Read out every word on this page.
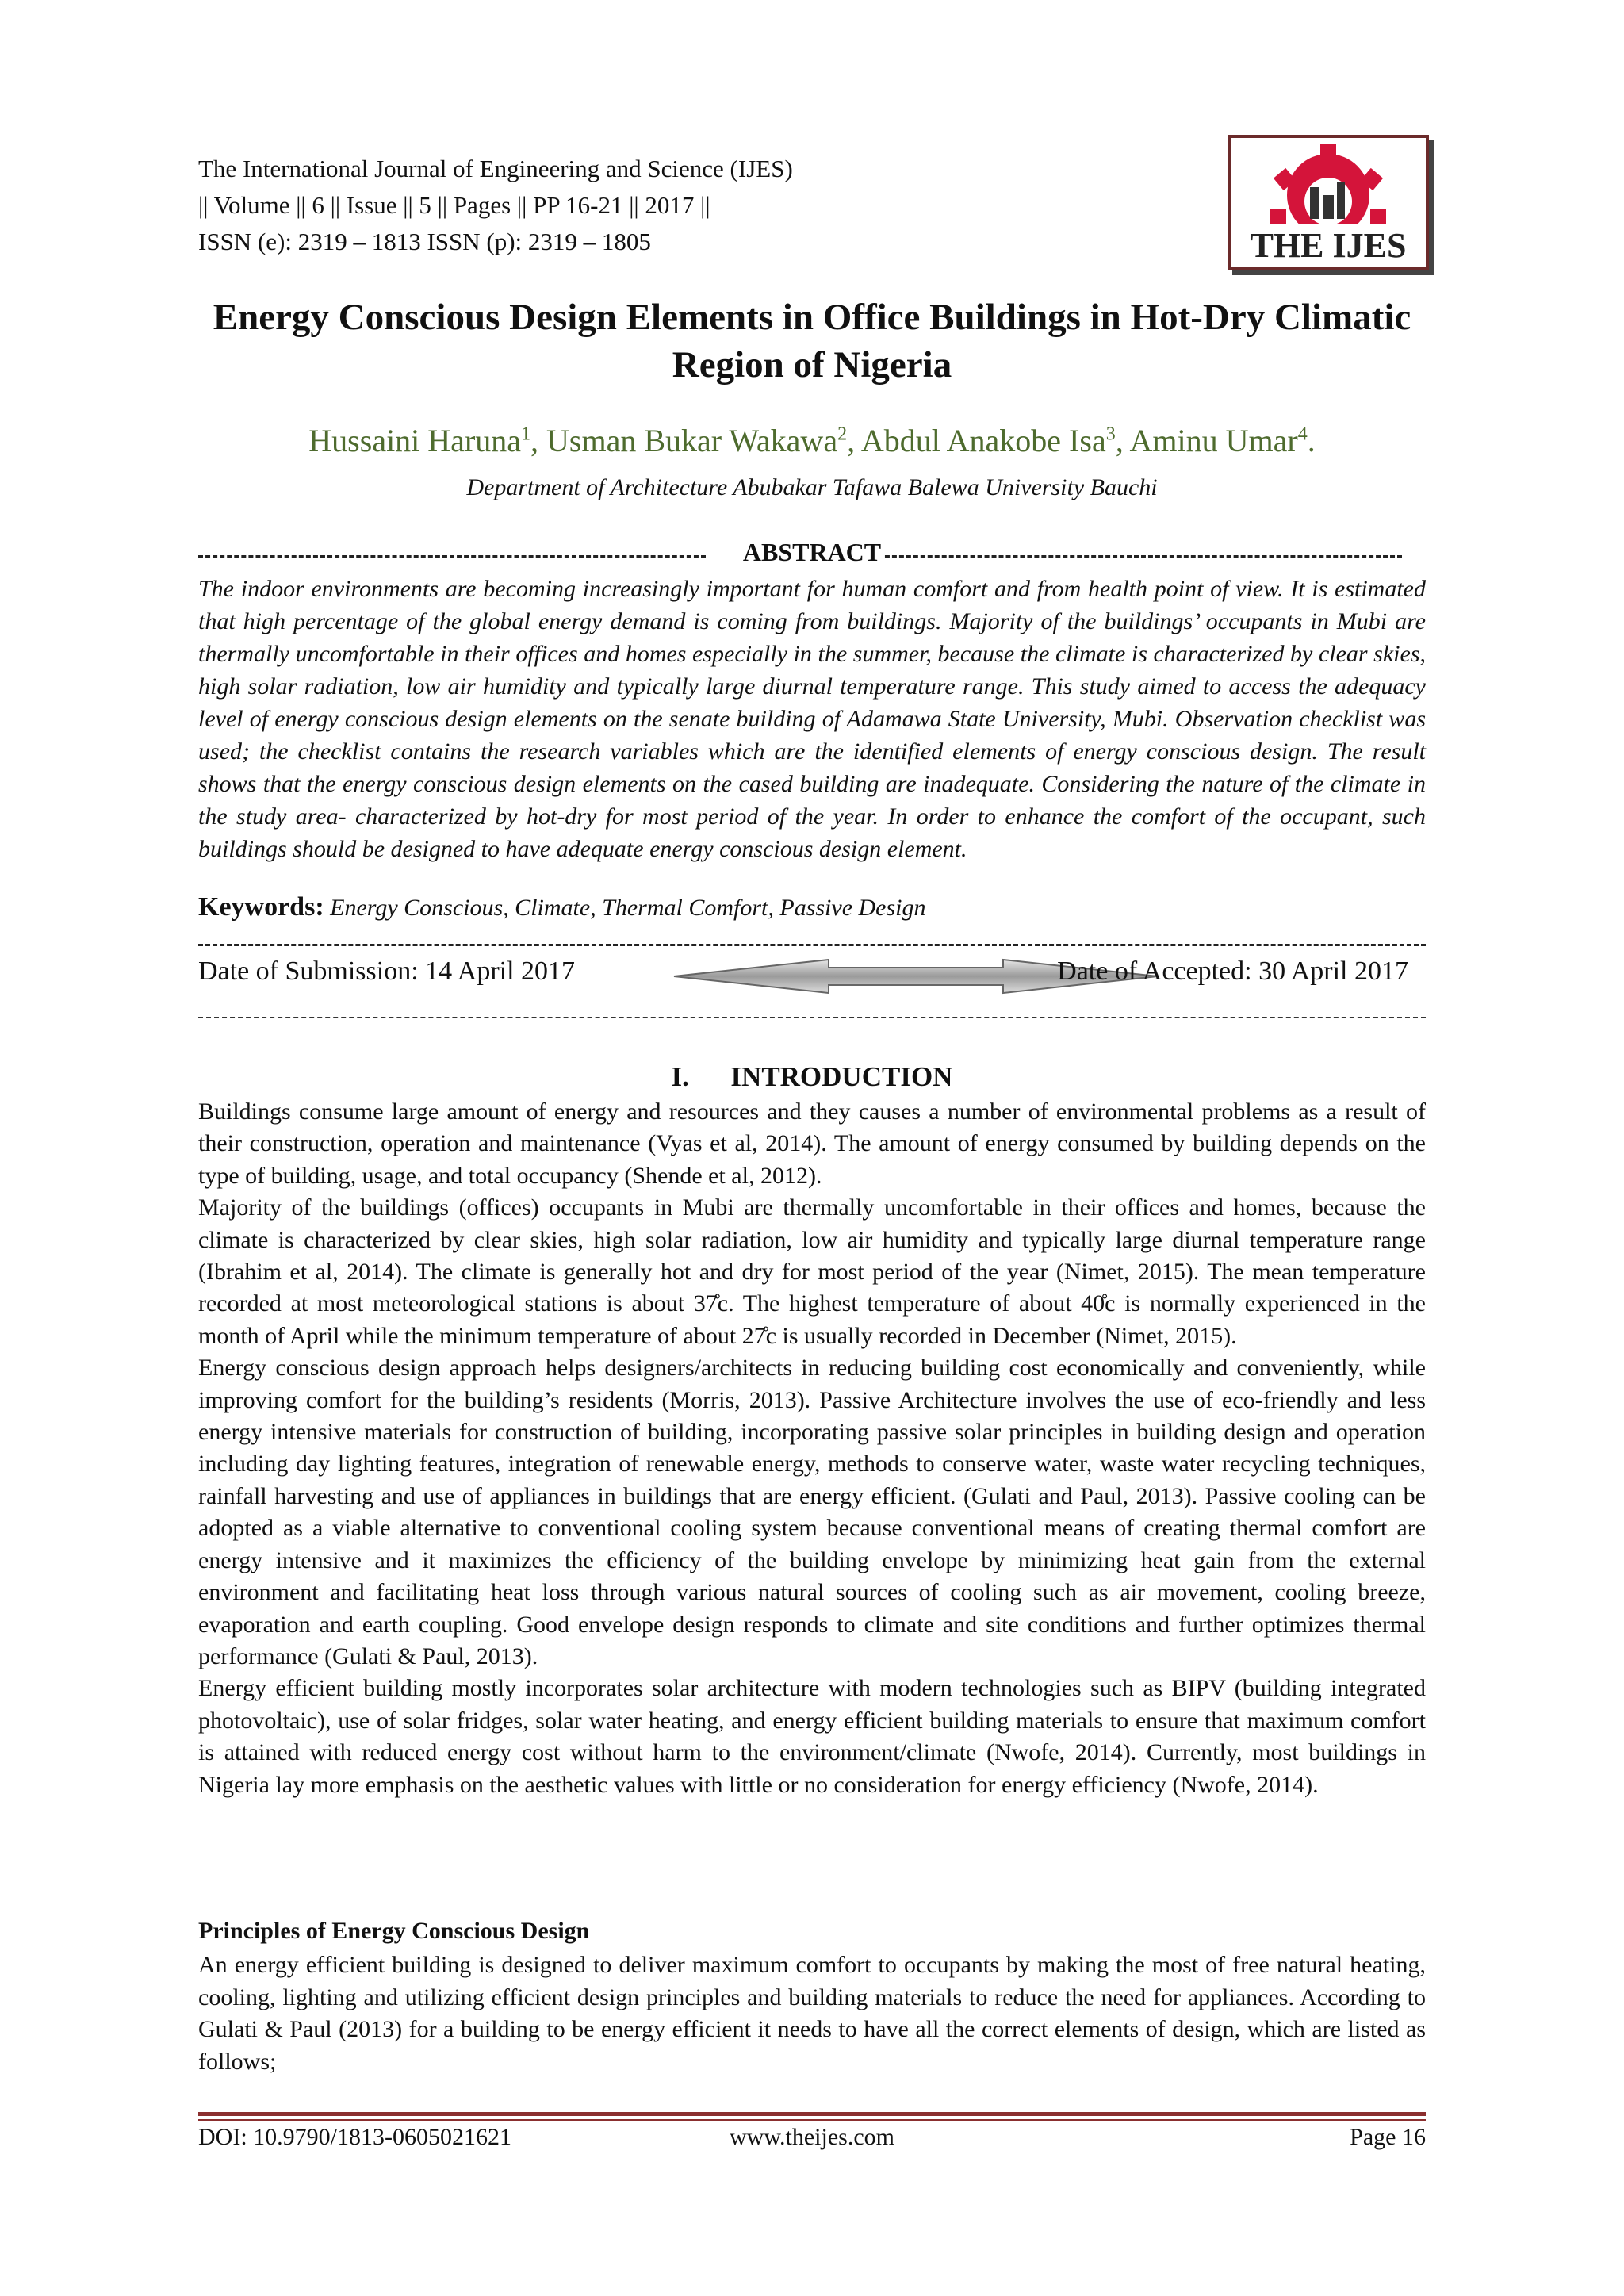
The International Journal of Engineering and Science (IJES)
|| Volume || 6 || Issue || 5 || Pages || PP 16-21 || 2017 ||
ISSN (e): 2319 – 1813 ISSN (p): 2319 – 1805	THE IJES
Energy Conscious Design Elements in Office Buildings in Hot-Dry Climatic Region of Nigeria
Hussaini Haruna$^1$, Usman Bukar Wakawa$^2$, Abdul Anakobe Isa$^3$, Aminu Umar$^4$.
Department of Architecture Abubakar Tafawa Balewa University Bauchi
ABSTRACT
The indoor environments are becoming increasingly important for human comfort and from health point of view. It is estimated that high percentage of the global energy demand is coming from buildings. Majority of the buildings’ occupants in Mubi are thermally uncomfortable in their offices and homes especially in the summer, because the climate is characterized by clear skies, high solar radiation, low air humidity and typically large diurnal temperature range. This study aimed to access the adequacy level of energy conscious design elements on the senate building of Adamawa State University, Mubi. Observation checklist was used; the checklist contains the research variables which are the identified elements of energy conscious design. The result shows that the energy conscious design elements on the cased building are inadequate. Considering the nature of the climate in the study area- characterized by hot-dry for most period of the year. In order to enhance the comfort of the occupant, such buildings should be designed to have adequate energy conscious design element.
Keywords: Energy Conscious, Climate, Thermal Comfort, Passive Design
Date of Submission: 14 April 2017	Date of Accepted: 30 April 2017
I.      INTRODUCTION

Buildings consume large amount of energy and resources and they causes a number of environmental problems as a result of their construction, operation and maintenance (Vyas et al, 2014). The amount of energy consumed by building depends on the type of building, usage, and total occupancy (Shende et al, 2012).

Majority of the buildings (offices) occupants in Mubi are thermally uncomfortable in their offices and homes, because the climate is characterized by clear skies, high solar radiation, low air humidity and typically large diurnal temperature range (Ibrahim et al, 2014). The climate is generally hot and dry for most period of the year (Nimet, 2015). The mean temperature recorded at most meteorological stations is about 37̊c. The highest temperature of about 40̊c is normally experienced in the month of April while the minimum temperature of about 27̊c is usually recorded in December (Nimet, 2015).

Energy conscious design approach helps designers/architects in reducing building cost economically and conveniently, while improving comfort for the building’s residents (Morris, 2013). Passive Architecture involves the use of eco-friendly and less energy intensive materials for construction of building, incorporating passive solar principles in building design and operation including day lighting features, integration of renewable energy, methods to conserve water, waste water recycling techniques, rainfall harvesting and use of appliances in buildings that are energy efficient. (Gulati and Paul, 2013). Passive cooling can be adopted as a viable alternative to conventional cooling system because conventional means of creating thermal comfort are energy intensive and it maximizes the efficiency of the building envelope by minimizing heat gain from the external environment and facilitating heat loss through various natural sources of cooling such as air movement, cooling breeze, evaporation and earth coupling. Good envelope design responds to climate and site conditions and further optimizes thermal performance (Gulati & Paul, 2013).

Energy efficient building mostly incorporates solar architecture with modern technologies such as BIPV (building integrated photovoltaic), use of solar fridges, solar water heating, and energy efficient building materials to ensure that maximum comfort is attained with reduced energy cost without harm to the environment/climate (Nwofe, 2014). Currently, most buildings in Nigeria lay more emphasis on the aesthetic values with little or no consideration for energy efficiency (Nwofe, 2014).

Principles of Energy Conscious Design
An energy efficient building is designed to deliver maximum comfort to occupants by making the most of free natural heating, cooling, lighting and utilizing efficient design principles and building materials to reduce the need for appliances. According to Gulati & Paul (2013) for a building to be energy efficient it needs to have all the correct elements of design, which are listed as follows;
DOI: 10.9790/1813-0605021621	www.theijes.com	Page 16
